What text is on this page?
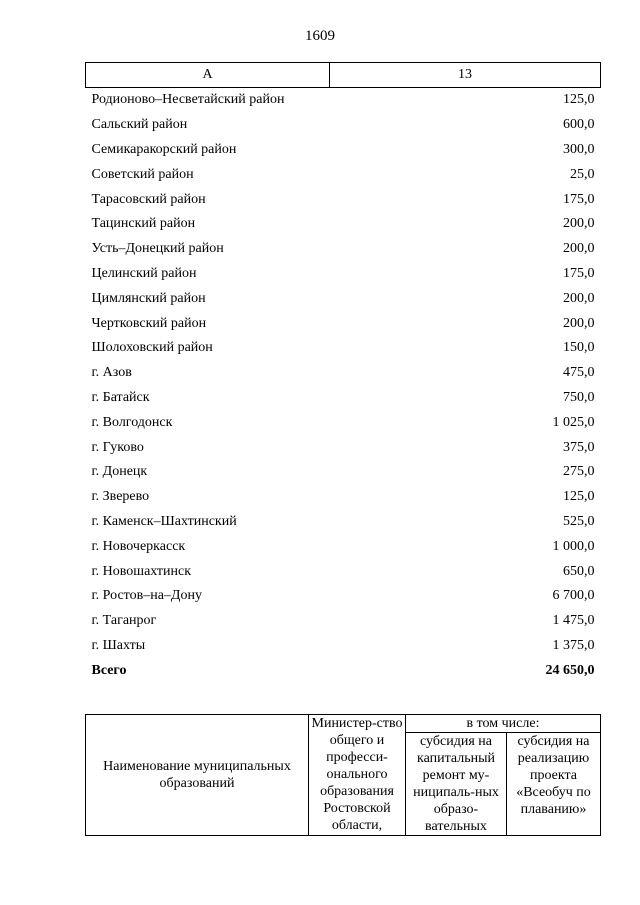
1609
А	13
Родионово–Несветайский район	125,0
Сальский район	600,0
Семикаракорский район	300,0
Советский район	25,0
Тарасовский район	175,0
Тацинский район	200,0
Усть–Донецкий район	200,0
Целинский район	175,0
Цимлянский район	200,0
Чертковский район	200,0
Шолоховский район	150,0
г. Азов	475,0
г. Батайск	750,0
г. Волгодонск	1 025,0
г. Гуково	375,0
г. Донецк	275,0
г. Зверево	125,0
г. Каменск–Шахтинский	525,0
г. Новочеркасск	1 000,0
г. Новошахтинск	650,0
г. Ростов–на–Дону	6 700,0
г. Таганрог	1 475,0
г. Шахты	1 375,0
Всего	24 650,0
Наименование муниципальных образований	Министер-ство общего и професси-онального образования Ростовской области,	в том числе:	

		субсидия на капитальный ремонт му-ниципаль-ных образо-вательных	субсидия на реализацию проекта «Всеобуч по плаванию»
